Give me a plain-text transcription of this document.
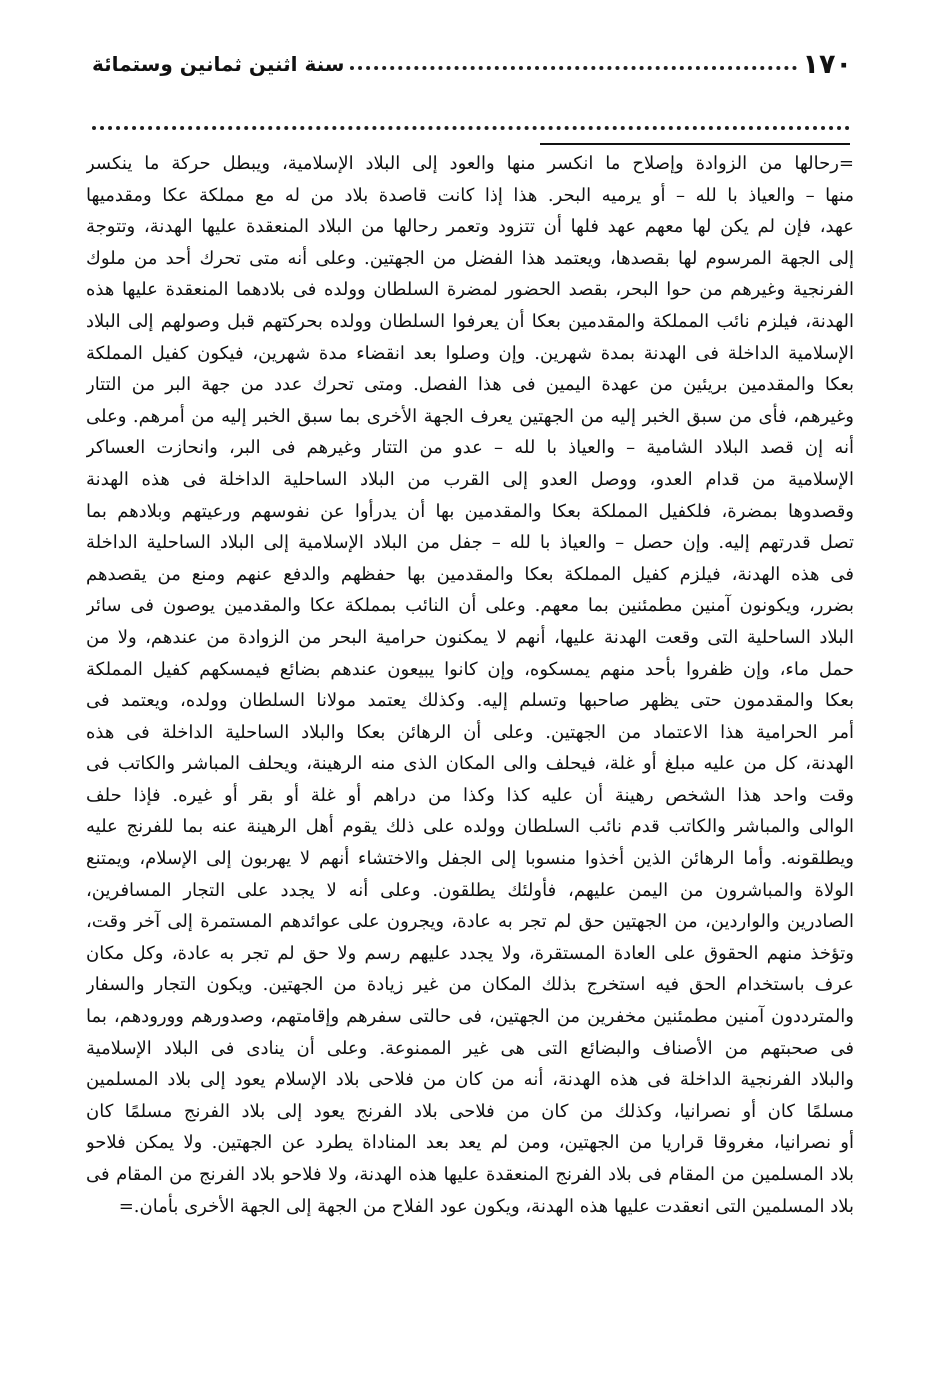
١٧٠
سنة اثنين ثمانين وستمائة
=رحالها من الزوادة وإصلاح ما انكسر منها والعود إلى البلاد الإسلامية، ويبطل حركة ما ينكسر
منها – والعياذ با لله – أو يرميه البحر. هذا إذا كانت قاصدة بلاد من له مع مملكة عكا ومقدميها
عهد، فإن لم يكن لها معهم عهد فلها أن تتزود وتعمر رحالها من البلاد المنعقدة عليها الهدنة، وتتوجة
إلى الجهة المرسوم لها بقصدها، ويعتمد هذا الفضل من الجهتين. وعلى أنه متى تحرك أحد من ملوك
الفرنجية وغيرهم من حوا البحر، بقصد الحضور لمضرة السلطان وولده فى بلادهما المنعقدة عليها هذه
الهدنة، فيلزم نائب المملكة والمقدمين بعكا أن يعرفوا السلطان وولده بحركتهم قبل وصولهم إلى البلاد
الإسلامية الداخلة فى الهدنة بمدة شهرين. وإن وصلوا بعد انقضاء مدة شهرين، فيكون كفيل المملكة
بعكا والمقدمين بريئين من عهدة اليمين فى هذا الفصل. ومتى تحرك عدد من جهة البر من التتار
وغيرهم، فأى من سبق الخبر إليه من الجهتين يعرف الجهة الأخرى بما سبق الخبر إليه من أمرهم. وعلى
أنه إن قصد البلاد الشامية – والعياذ با لله – عدو من التتار وغيرهم فى البر، وانحازت العساكر
الإسلامية من قدام العدو، ووصل العدو إلى القرب من البلاد الساحلية الداخلة فى هذه الهدنة
وقصدوها بمضرة، فلكفيل المملكة بعكا والمقدمين بها أن يدرأوا عن نفوسهم ورعيتهم وبلادهم بما
تصل قدرتهم إليه. وإن حصل – والعياذ با لله – جفل من البلاد الإسلامية إلى البلاد الساحلية الداخلة
فى هذه الهدنة، فيلزم كفيل المملكة بعكا والمقدمين بها حفظهم والدفع عنهم ومنع من يقصدهم
بضرر، ويكونون آمنين مطمئنين بما معهم. وعلى أن النائب بمملكة عكا والمقدمين يوصون فى سائر
البلاد الساحلية التى وقعت الهدنة عليها، أنهم لا يمكنون حرامية البحر من الزوادة من عندهم، ولا من
حمل ماء، وإن ظفروا بأحد منهم يمسكوه، وإن كانوا يبيعون عندهم بضائع فيمسكهم كفيل المملكة
بعكا والمقدمون حتى يظهر صاحبها وتسلم إليه. وكذلك يعتمد مولانا السلطان وولده، ويعتمد فى
أمر الحرامية هذا الاعتماد من الجهتين. وعلى أن الرهائن بعكا والبلاد الساحلية الداخلة فى هذه
الهدنة، كل من عليه مبلغ أو غلة، فيحلف والى المكان الذى منه الرهينة، ويحلف المباشر والكاتب فى
وقت واحد هذا الشخص رهينة أن عليه كذا وكذا من دراهم أو غلة أو بقر أو غيره. فإذا حلف
الوالى والمباشر والكاتب قدم نائب السلطان وولده على ذلك يقوم أهل الرهينة عنه بما للفرنج عليه
ويطلقونه. وأما الرهائن الذين أخذوا منسوبا إلى الجفل والاختشاء أنهم لا يهربون إلى الإسلام، ويمتنع
الولاة والمباشرون من اليمن عليهم، فأولئك يطلقون. وعلى أنه لا يجدد على التجار المسافرين،
الصادرين والواردين، من الجهتين حق لم تجر به عادة، ويجرون على عوائدهم المستمرة إلى آخر وقت،
وتؤخذ منهم الحقوق على العادة المستقرة، ولا يجدد عليهم رسم ولا حق لم تجر به عادة، وكل مكان
عرف باستخدام الحق فيه استخرج بذلك المكان من غير زيادة من الجهتين. ويكون التجار والسفار
والمترددون آمنين مطمئنين مخفرين من الجهتين، فى حالتى سفرهم وإقامتهم، وصدورهم وورودهم، بما
فى صحبتهم من الأصناف والبضائع التى هى غير الممنوعة. وعلى أن ينادى فى البلاد الإسلامية
والبلاد الفرنجية الداخلة فى هذه الهدنة، أنه من كان من فلاحى بلاد الإسلام يعود إلى بلاد المسلمين
مسلمًا كان أو نصرانيا، وكذلك من كان من فلاحى بلاد الفرنج يعود إلى بلاد الفرنج مسلمًا كان
أو نصرانيا، مغروقا قراريا من الجهتين، ومن لم يعد بعد المناداة يطرد عن الجهتين. ولا يمكن فلاحو
بلاد المسلمين من المقام فى بلاد الفرنج المنعقدة عليها هذه الهدنة، ولا فلاحو بلاد الفرنج من المقام فى
بلاد المسلمين التى انعقدت عليها هذه الهدنة، ويكون عود الفلاح من الجهة إلى الجهة الأخرى بأمان.=
